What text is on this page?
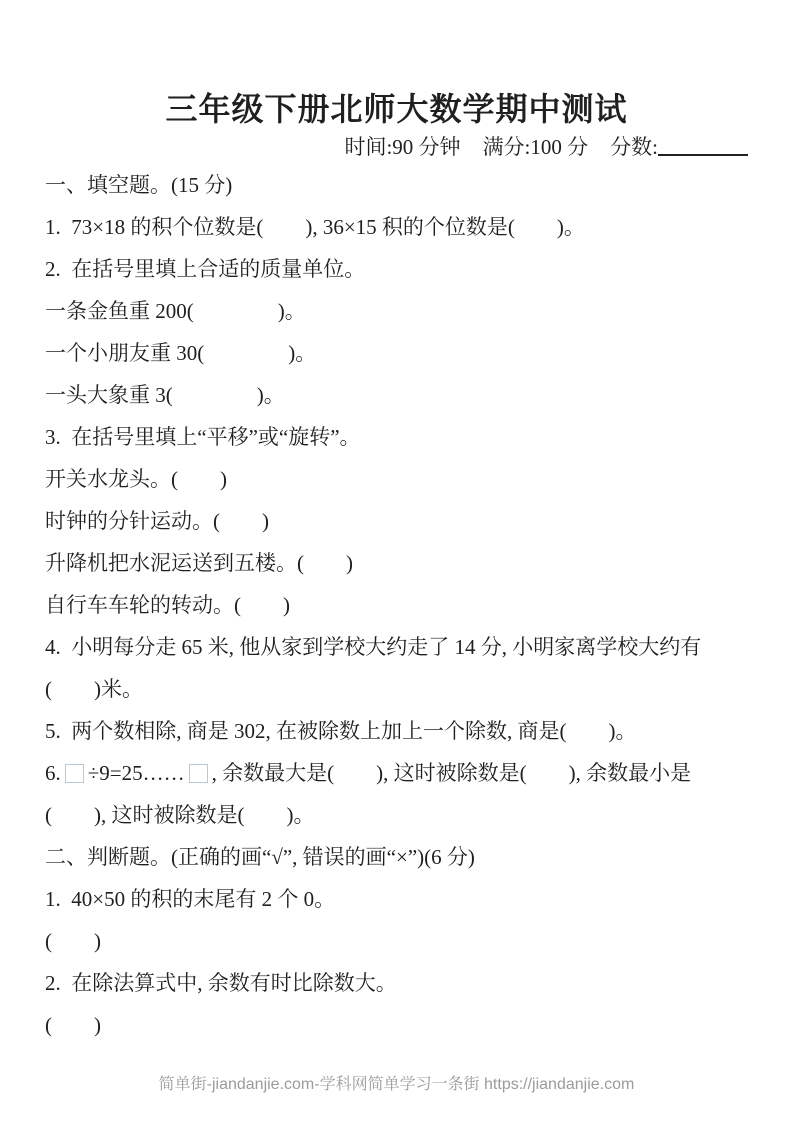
三年级下册北师大数学期中测试
时间:90 分钟 满分:100 分 分数:
一、填空题。(15 分)
1.  73×18 的积个位数是(　　), 36×15 积的个位数是(　　)。
2.  在括号里填上合适的质量单位。
一条金鱼重 200(　　　　)。
一个小朋友重 30(　　　　)。
一头大象重 3(　　　　)。
3.  在括号里填上“平移”或“旋转”。
开关水龙头。(　　)
时钟的分针运动。(　　)
升降机把水泥运送到五楼。(　　)
自行车车轮的转动。(　　)
4.  小明每分走 65 米, 他从家到学校大约走了 14 分, 小明家离学校大约有
(　　)米。
5.  两个数相除, 商是 302, 在被除数上加上一个除数, 商是(　　)。
6. ÷9=25…… , 余数最大是(　　), 这时被除数是(　　), 余数最小是
(　　), 这时被除数是(　　)。
二、判断题。(正确的画“√”, 错误的画“×”)(6 分)
1.  40×50 的积的末尾有 2 个 0。
(　　)
2.  在除法算式中, 余数有时比除数大。
(　　)
简单街-jiandanjie.com-学科网简单学习一条街 https://jiandanjie.com
